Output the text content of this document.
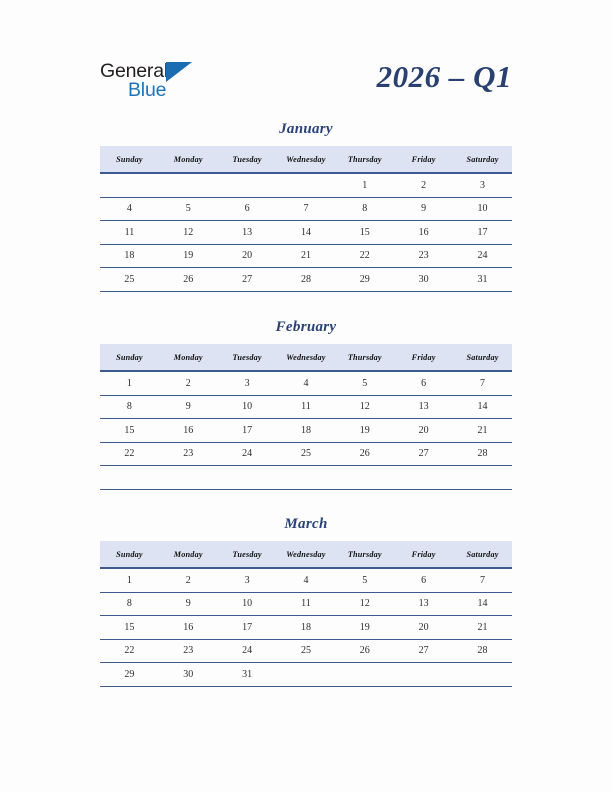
General
Blue	2026 – Q1
January
Sunday	Monday	Tuesday	Wednesday	Thursday	Friday	Saturday
				1	2	3
4	5	6	7	8	9	10
11	12	13	14	15	16	17
18	19	20	21	22	23	24
25	26	27	28	29	30	31
February
Sunday	Monday	Tuesday	Wednesday	Thursday	Friday	Saturday
1	2	3	4	5	6	7
8	9	10	11	12	13	14
15	16	17	18	19	20	21
22	23	24	25	26	27	28

March
Sunday	Monday	Tuesday	Wednesday	Thursday	Friday	Saturday
1	2	3	4	5	6	7
8	9	10	11	12	13	14
15	16	17	18	19	20	21
22	23	24	25	26	27	28
29	30	31				
